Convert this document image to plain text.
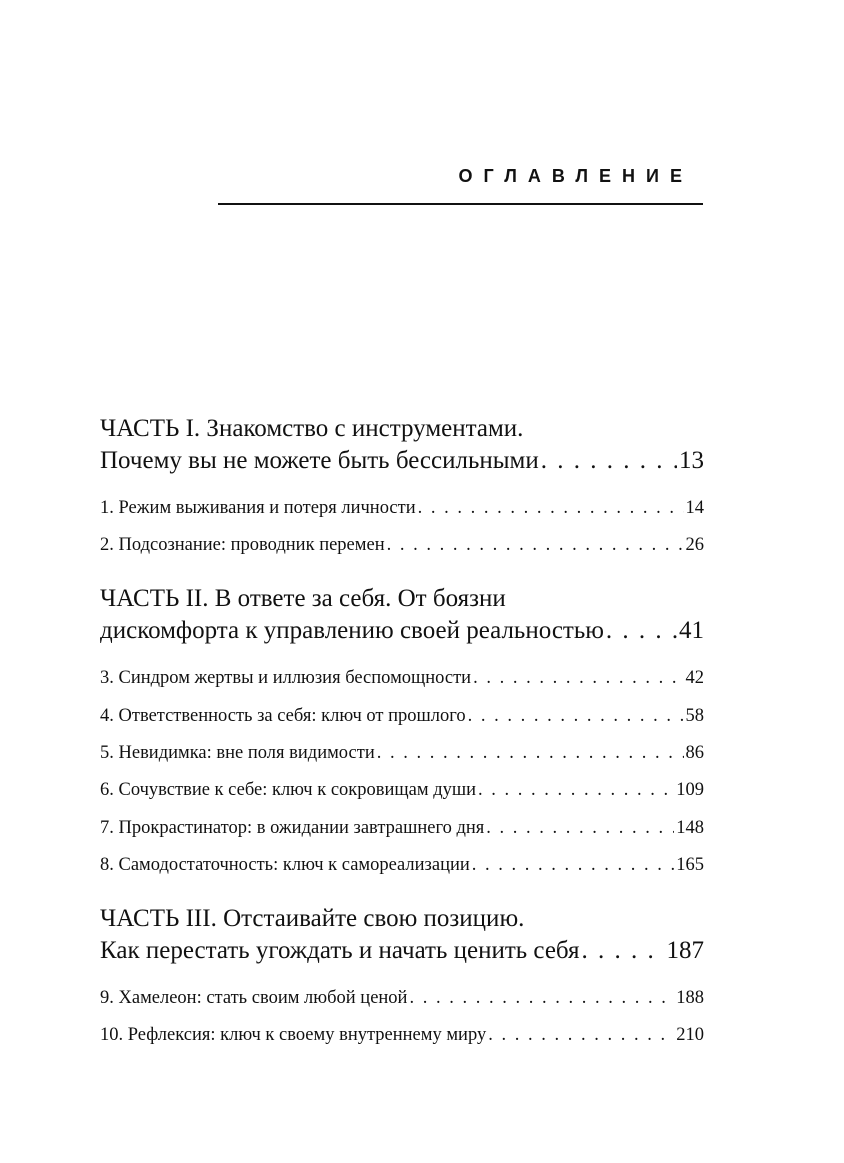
ОГЛАВЛЕНИЕ
ЧАСТЬ I. Знакомство с инструментами.
Почему вы не можете быть бессильными . . .	13
1. Режим выживания и потеря личности . . .	14
2. Подсознание: проводник перемен . . .	26
ЧАСТЬ II. В ответе за себя. От боязни
дискомфорта к управлению своей реальностью . . .	41
3. Синдром жертвы и иллюзия беспомощности . . .	42
4. Ответственность за себя: ключ от прошлого . . .	58
5. Невидимка: вне поля видимости . . .	86
6. Сочувствие к себе: ключ к сокровищам души . . .	109
7. Прокрастинатор: в ожидании завтрашнего дня . . .	148
8. Самодостаточность: ключ к самореализации . . .	165
ЧАСТЬ III. Отстаивайте свою позицию.
Как перестать угождать и начать ценить себя . . .	187
9. Хамелеон: стать своим любой ценой . . .	188
10. Рефлексия: ключ к своему внутреннему миру . . .	210
